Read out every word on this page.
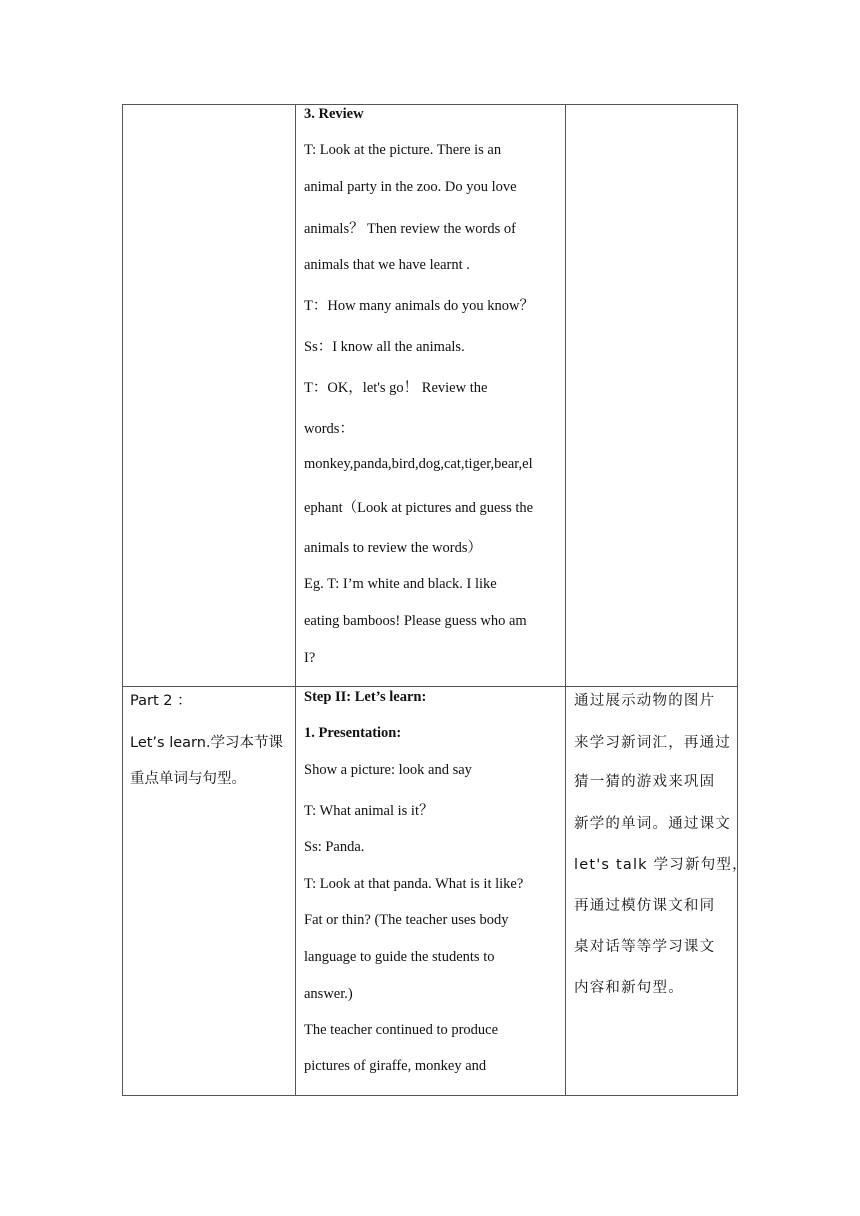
3. Review
T: Look at the picture. There is an
animal party in the zoo. Do you love
animals？ Then review the words of
animals that we have learnt .
T：How many animals do you know？
Ss：I know all the animals.
T：OK，let's go！ Review the
words：
monkey,panda,bird,dog,cat,tiger,bear,el
ephant（Look at pictures and guess the
animals to review the words）
Eg. T: I’m white and black. I like
eating bamboos! Please guess who am
I?
Part 2 ：
Let’s learn.学习本节课
重点单词与句型。
Step II: Let’s learn:
1. Presentation:
Show a picture: look and say
T: What animal is it？
Ss: Panda.
T: Look at that panda. What is it like?
Fat or thin? (The teacher uses body
language to guide the students to
answer.)
The teacher continued to produce
pictures of giraffe, monkey and
通过展示动物的图片
来学习新词汇，再通过
猜一猜的游戏来巩固
新学的单词。通过课文
let's talk 学习新句型，
再通过模仿课文和同
桌对话等等学习课文
内容和新句型。
